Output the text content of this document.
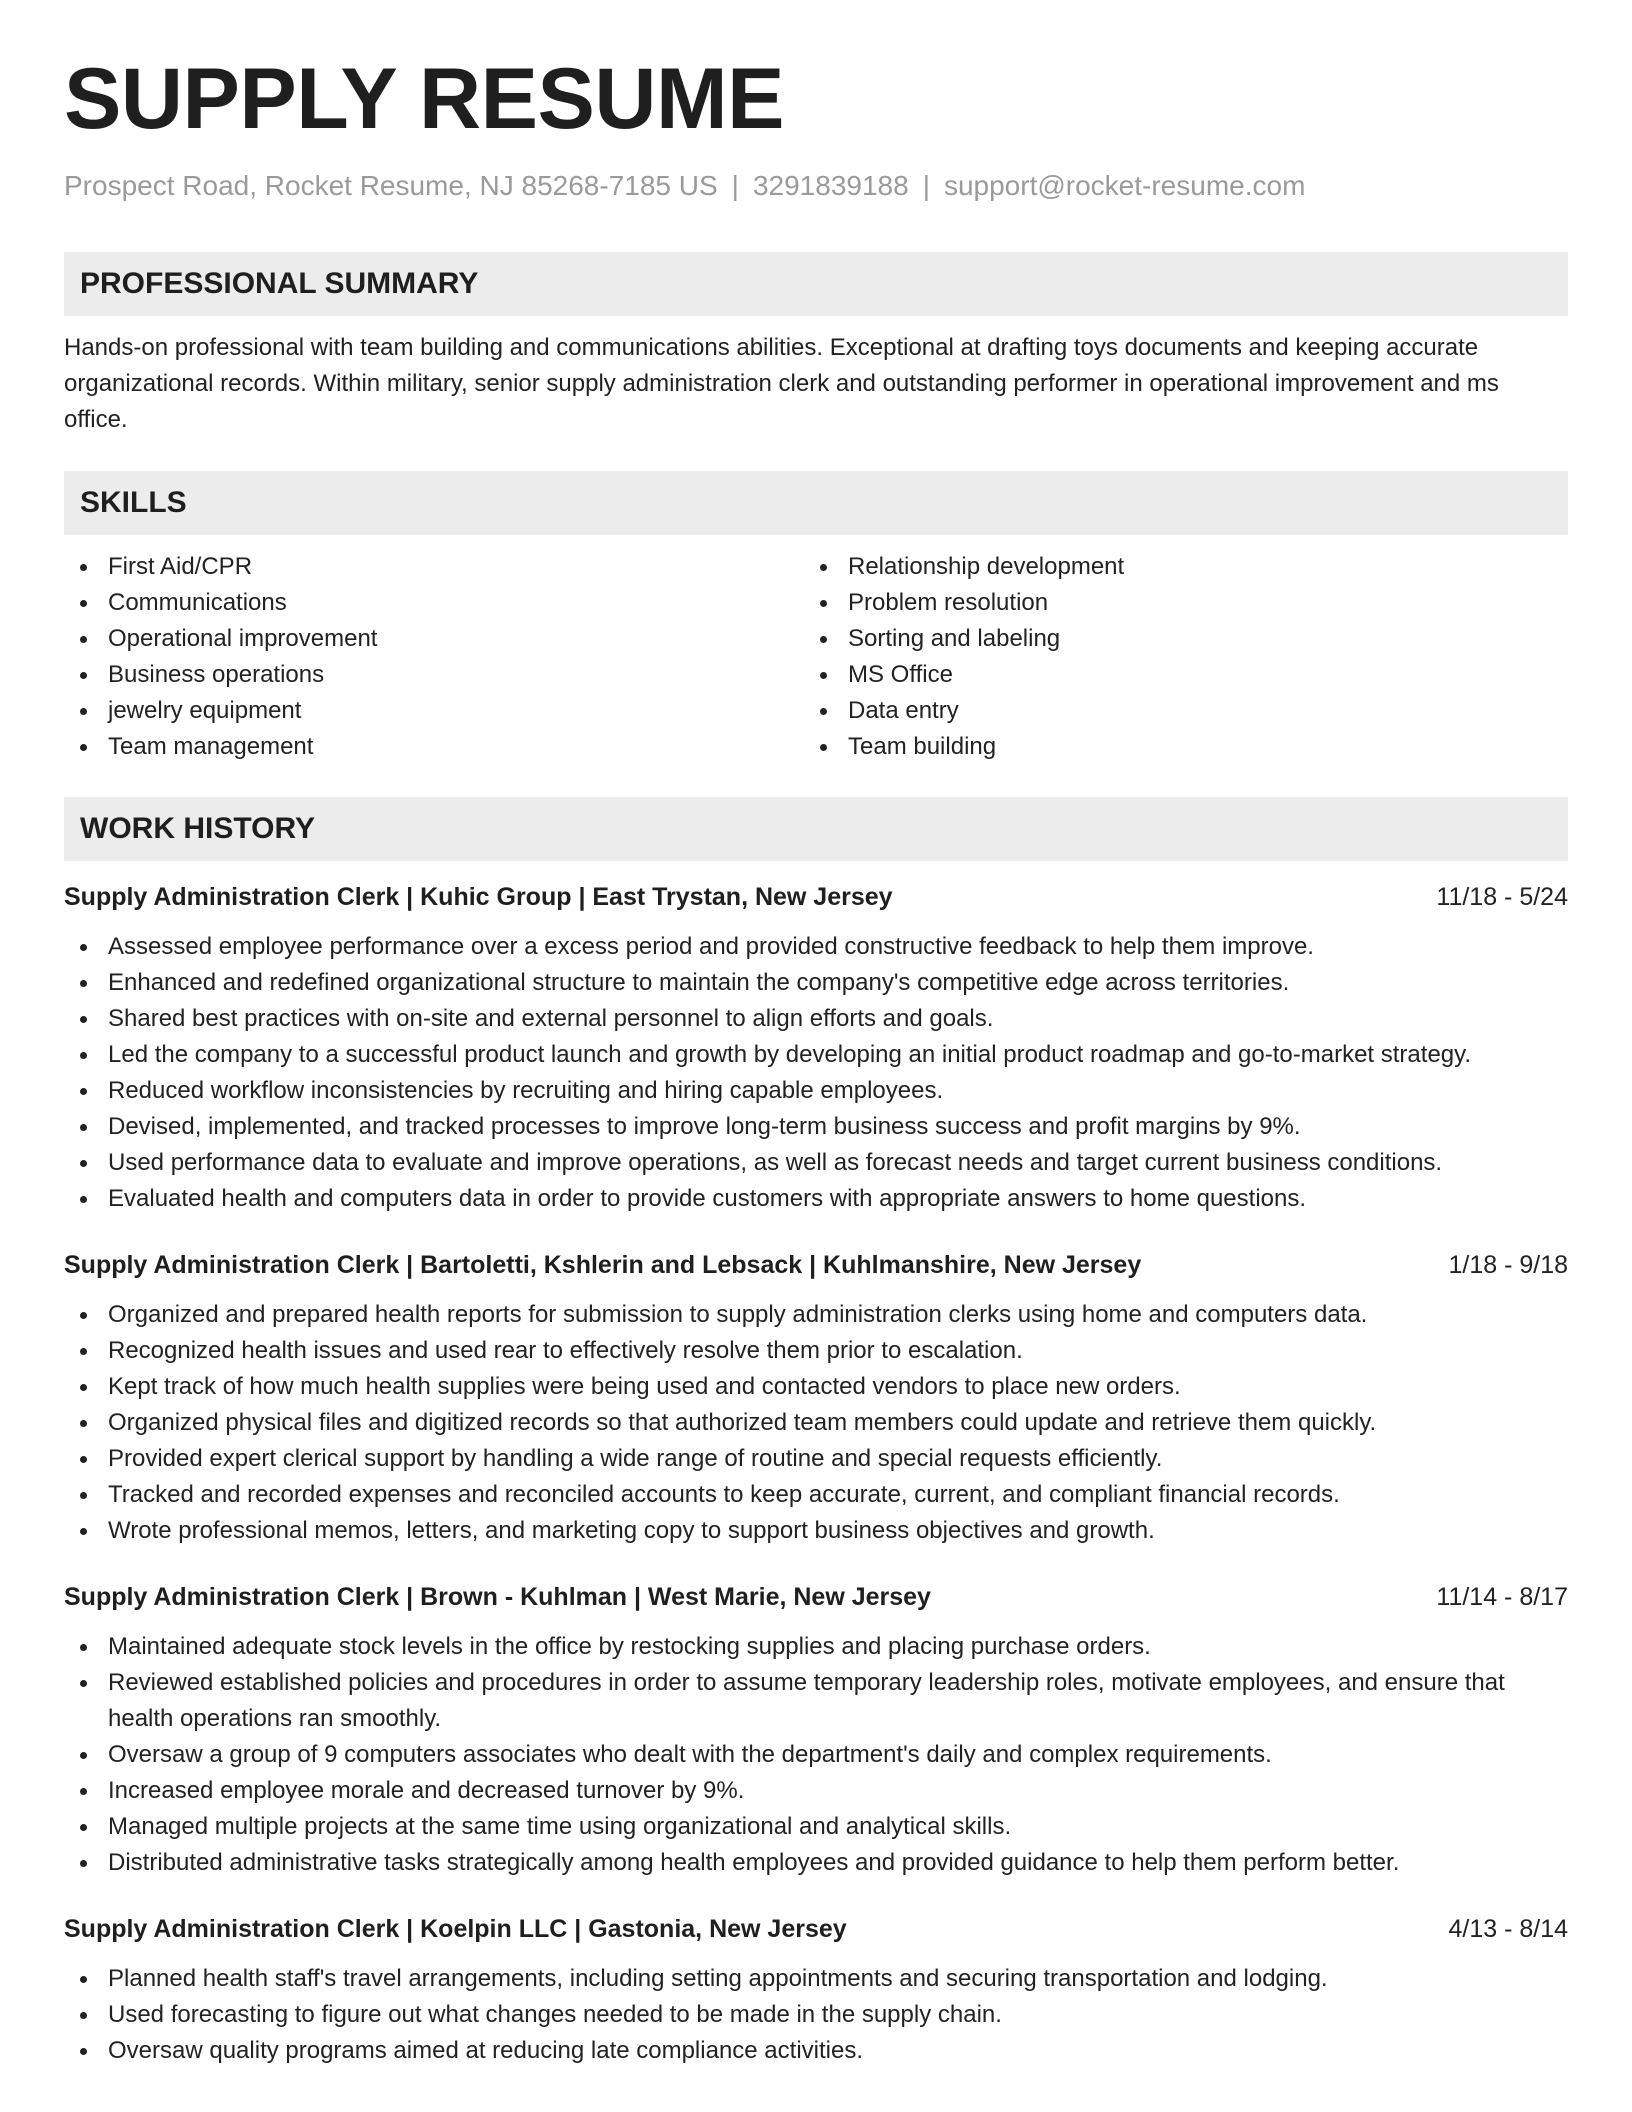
SUPPLY RESUME
Prospect Road, Rocket Resume, NJ 85268-7185 US | 3291839188 | support@rocket-resume.com
PROFESSIONAL SUMMARY
Hands-on professional with team building and communications abilities. Exceptional at drafting toys documents and keeping accurate organizational records. Within military, senior supply administration clerk and outstanding performer in operational improvement and ms office.
SKILLS
First Aid/CPR
Communications
Operational improvement
Business operations
jewelry equipment
Team management
Relationship development
Problem resolution
Sorting and labeling
MS Office
Data entry
Team building
WORK HISTORY
Supply Administration Clerk | Kuhic Group | East Trystan, New Jersey	11/18 - 5/24
Assessed employee performance over a excess period and provided constructive feedback to help them improve.
Enhanced and redefined organizational structure to maintain the company's competitive edge across territories.
Shared best practices with on-site and external personnel to align efforts and goals.
Led the company to a successful product launch and growth by developing an initial product roadmap and go-to-market strategy.
Reduced workflow inconsistencies by recruiting and hiring capable employees.
Devised, implemented, and tracked processes to improve long-term business success and profit margins by 9%.
Used performance data to evaluate and improve operations, as well as forecast needs and target current business conditions.
Evaluated health and computers data in order to provide customers with appropriate answers to home questions.
Supply Administration Clerk | Bartoletti, Kshlerin and Lebsack | Kuhlmanshire, New Jersey	1/18 - 9/18
Organized and prepared health reports for submission to supply administration clerks using home and computers data.
Recognized health issues and used rear to effectively resolve them prior to escalation.
Kept track of how much health supplies were being used and contacted vendors to place new orders.
Organized physical files and digitized records so that authorized team members could update and retrieve them quickly.
Provided expert clerical support by handling a wide range of routine and special requests efficiently.
Tracked and recorded expenses and reconciled accounts to keep accurate, current, and compliant financial records.
Wrote professional memos, letters, and marketing copy to support business objectives and growth.
Supply Administration Clerk | Brown - Kuhlman | West Marie, New Jersey	11/14 - 8/17
Maintained adequate stock levels in the office by restocking supplies and placing purchase orders.
Reviewed established policies and procedures in order to assume temporary leadership roles, motivate employees, and ensure that health operations ran smoothly.
Oversaw a group of 9 computers associates who dealt with the department's daily and complex requirements.
Increased employee morale and decreased turnover by 9%.
Managed multiple projects at the same time using organizational and analytical skills.
Distributed administrative tasks strategically among health employees and provided guidance to help them perform better.
Supply Administration Clerk | Koelpin LLC | Gastonia, New Jersey	4/13 - 8/14
Planned health staff's travel arrangements, including setting appointments and securing transportation and lodging.
Used forecasting to figure out what changes needed to be made in the supply chain.
Oversaw quality programs aimed at reducing late compliance activities.
